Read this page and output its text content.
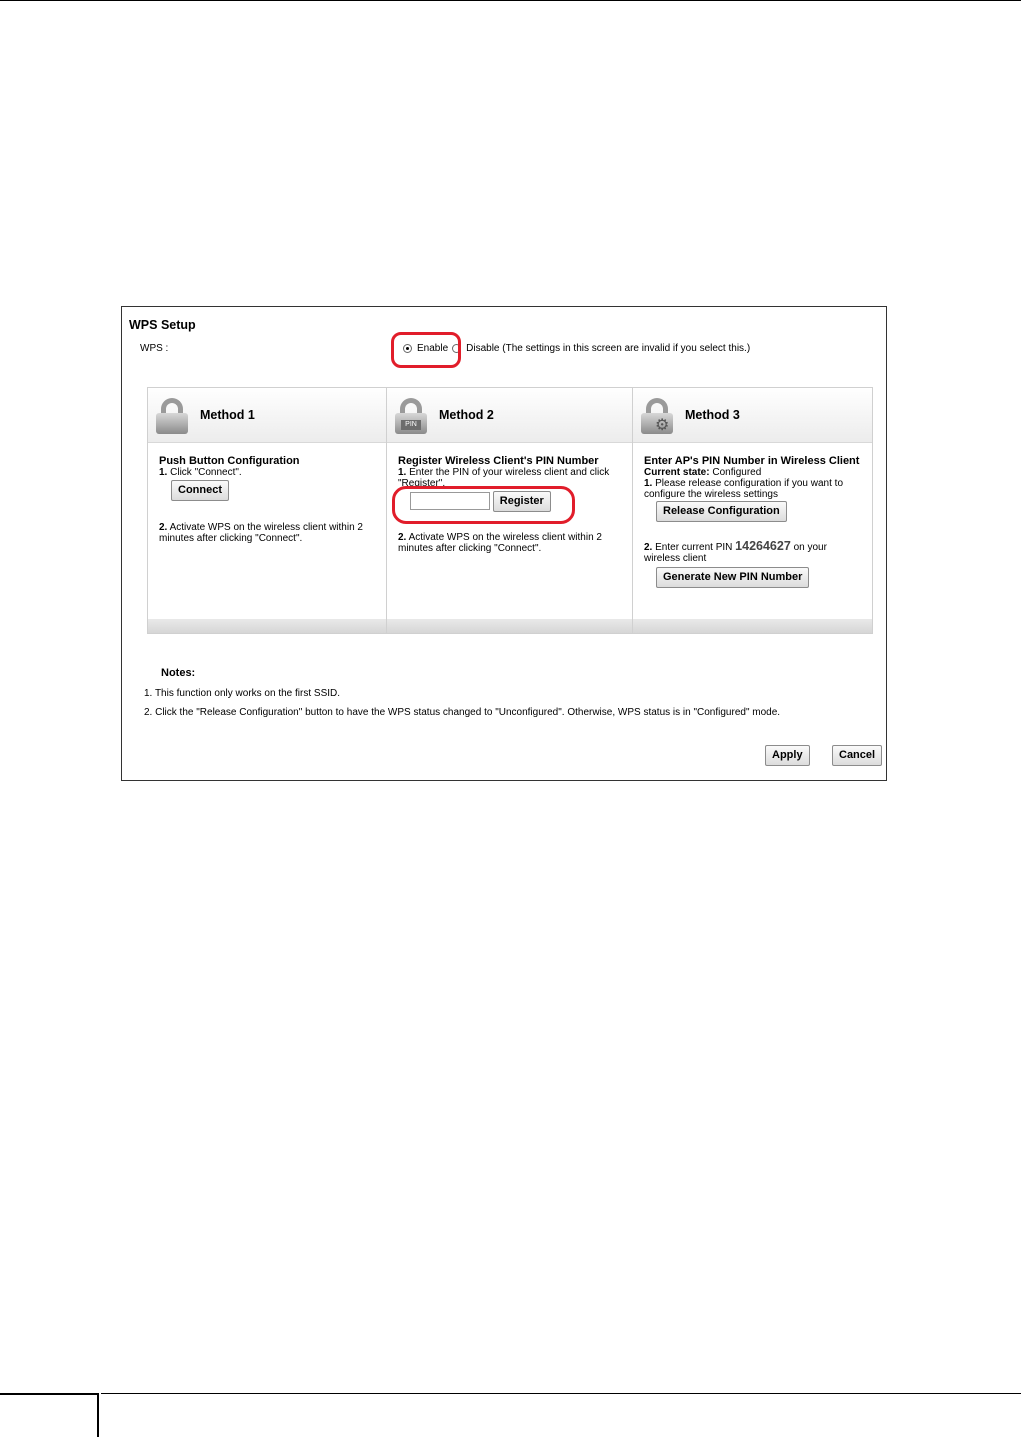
WPS Setup
WPS :	Enable Disable (The settings in this screen are invalid if you select this.)
Method 1
Push Button Configuration
1. Click "Connect".
Connect
2. Activate WPS on the wireless client within 2 minutes after clicking "Connect".
PIN
Method 2
Register Wireless Client's PIN Number
1. Enter the PIN of your wireless client and click "Register".
Register
2. Activate WPS on the wireless client within 2 minutes after clicking "Connect".
⚙
Method 3
Enter AP's PIN Number in Wireless Client
Current state: Configured
1. Please release configuration if you want to configure the wireless settings
Release Configuration
2. Enter current PIN 14264627 on your wireless client
Generate New PIN Number
Notes:
1. This function only works on the first SSID.
2. Click the "Release Configuration" button to have the WPS status changed to "Unconfigured". Otherwise, WPS status is in "Configured" mode.
Apply	Cancel
